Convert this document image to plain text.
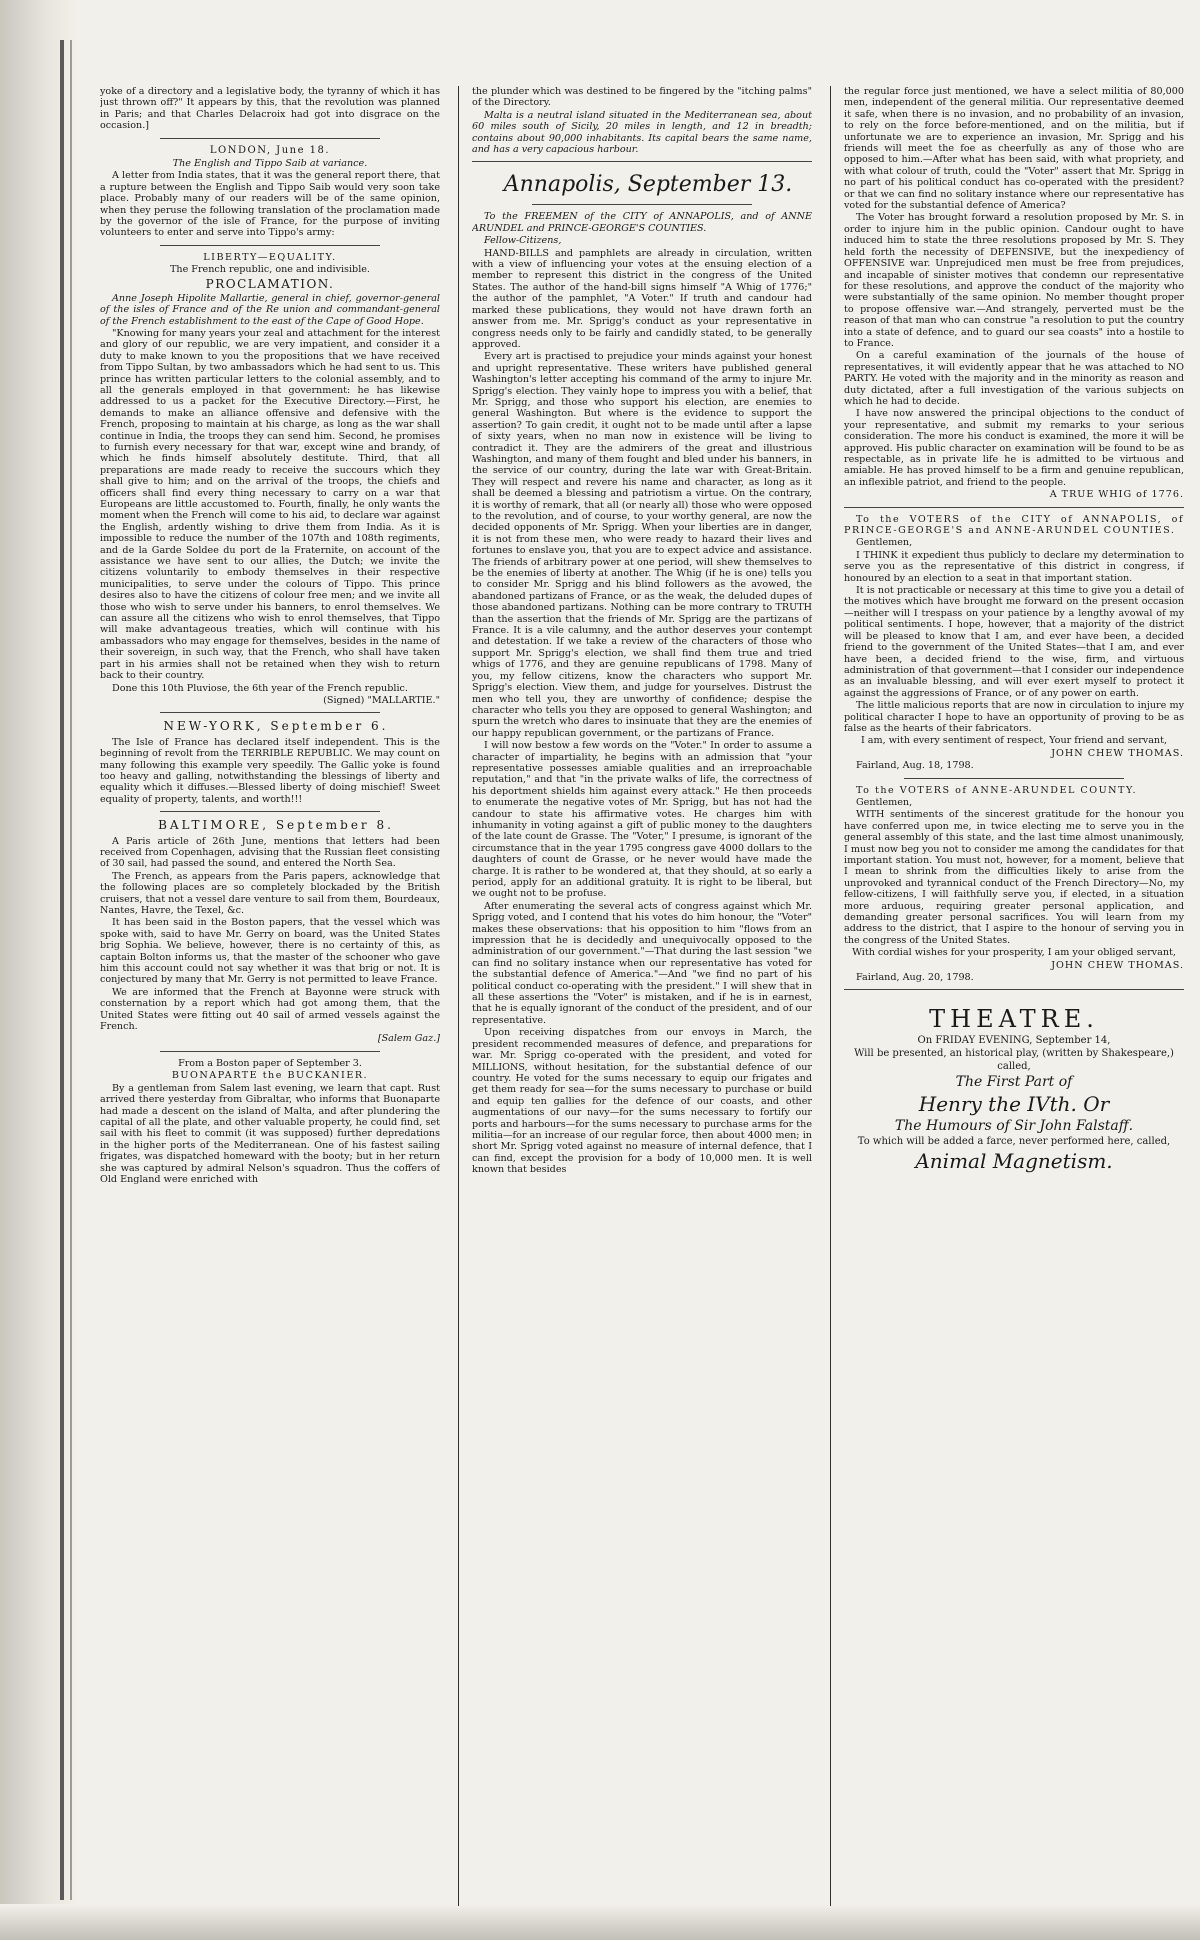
yoke of a directory and a legislative body, the tyranny of which it has just thrown off?" It appears by this, that the revolution was planned in Paris; and that Charles Delacroix had got into disgrace on the occasion.]

LONDON, June 18.

The English and Tippo Saib at variance.

A letter from India states, that it was the general report there, that a rupture between the English and Tippo Saib would very soon take place. Probably many of our readers will be of the same opinion, when they peruse the following translation of the proclamation made by the governor of the isle of France, for the purpose of inviting volunteers to enter and serve into Tippo's army:

LIBERTY—EQUALITY.

The French republic, one and indivisible.

PROCLAMATION.

Anne Joseph Hipolite Mallartie, general in chief, governor-general of the isles of France and of the Re union and commandant-general of the French establishment to the east of the Cape of Good Hope.

"Knowing for many years your zeal and attachment for the interest and glory of our republic, we are very impatient, and consider it a duty to make known to you the propositions that we have received from Tippo Sultan, by two ambassadors which he had sent to us. This prince has written particular letters to the colonial assembly, and to all the generals employed in that government: he has likewise addressed to us a packet for the Executive Directory.—First, he demands to make an alliance offensive and defensive with the French, proposing to maintain at his charge, as long as the war shall continue in India, the troops they can send him. Second, he promises to furnish every necessary for that war, except wine and brandy, of which he finds himself absolutely destitute. Third, that all preparations are made ready to receive the succours which they shall give to him; and on the arrival of the troops, the chiefs and officers shall find every thing necessary to carry on a war that Europeans are little accustomed to. Fourth, finally, he only wants the moment when the French will come to his aid, to declare war against the English, ardently wishing to drive them from India. As it is impossible to reduce the number of the 107th and 108th regiments, and de la Garde Soldee du port de la Fraternite, on account of the assistance we have sent to our allies, the Dutch; we invite the citizens voluntarily to embody themselves in their respective municipalities, to serve under the colours of Tippo. This prince desires also to have the citizens of colour free men; and we invite all those who wish to serve under his banners, to enrol themselves. We can assure all the citizens who wish to enrol themselves, that Tippo will make advantageous treaties, which will continue with his ambassadors who may engage for themselves, besides in the name of their sovereign, in such way, that the French, who shall have taken part in his armies shall not be retained when they wish to return back to their country.

Done this 10th Pluviose, the 6th year of the French republic.

(Signed) "MALLARTIE."

NEW-YORK, September 6.

The Isle of France has declared itself independent. This is the beginning of revolt from the TERRIBLE REPUBLIC. We may count on many following this example very speedily. The Gallic yoke is found too heavy and galling, notwithstanding the blessings of liberty and equality which it diffuses.—Blessed liberty of doing mischief! Sweet equality of property, talents, and worth!!!

BALTIMORE, September 8.

A Paris article of 26th June, mentions that letters had been received from Copenhagen, advising that the Russian fleet consisting of 30 sail, had passed the sound, and entered the North Sea.

The French, as appears from the Paris papers, acknowledge that the following places are so completely blockaded by the British cruisers, that not a vessel dare venture to sail from them, Bourdeaux, Nantes, Havre, the Texel, &c.

It has been said in the Boston papers, that the vessel which was spoke with, said to have Mr. Gerry on board, was the United States brig Sophia. We believe, however, there is no certainty of this, as captain Bolton informs us, that the master of the schooner who gave him this account could not say whether it was that brig or not. It is conjectured by many that Mr. Gerry is not permitted to leave France.

We are informed that the French at Bayonne were struck with consternation by a report which had got among them, that the United States were fitting out 40 sail of armed vessels against the French.

[Salem Gaz.]

From a Boston paper of September 3.

BUONAPARTE the BUCKANIER.

By a gentleman from Salem last evening, we learn that capt. Rust arrived there yesterday from Gibraltar, who informs that Buonaparte had made a descent on the island of Malta, and after plundering the capital of all the plate, and other valuable property, he could find, set sail with his fleet to commit (it was supposed) further depredations in the higher ports of the Mediterranean. One of his fastest sailing frigates, was dispatched homeward with the booty; but in her return she was captured by admiral Nelson's squadron. Thus the coffers of Old England were enriched with

the plunder which was destined to be fingered by the "itching palms" of the Directory.

Malta is a neutral island situated in the Mediterranean sea, about 60 miles south of Sicily, 20 miles in length, and 12 in breadth; contains about 90,000 inhabitants. Its capital bears the same name, and has a very capacious harbour.

Annapolis, September 13.

To the FREEMEN of the CITY of ANNAPOLIS, and of ANNE ARUNDEL and PRINCE-GEORGE'S COUNTIES.

Fellow-Citizens,

HAND-BILLS and pamphlets are already in circulation, written with a view of influencing your votes at the ensuing election of a member to represent this district in the congress of the United States. The author of the hand-bill signs himself "A Whig of 1776;" the author of the pamphlet, "A Voter." If truth and candour had marked these publications, they would not have drawn forth an answer from me. Mr. Sprigg's conduct as your representative in congress needs only to be fairly and candidly stated, to be generally approved.

Every art is practised to prejudice your minds against your honest and upright representative. These writers have published general Washington's letter accepting his command of the army to injure Mr. Sprigg's election. They vainly hope to impress you with a belief, that Mr. Sprigg, and those who support his election, are enemies to general Washington. But where is the evidence to support the assertion? To gain credit, it ought not to be made until after a lapse of sixty years, when no man now in existence will be living to contradict it. They are the admirers of the great and illustrious Washington, and many of them fought and bled under his banners, in the service of our country, during the late war with Great-Britain. They will respect and revere his name and character, as long as it shall be deemed a blessing and patriotism a virtue. On the contrary, it is worthy of remark, that all (or nearly all) those who were opposed to the revolution, and of course, to your worthy general, are now the decided opponents of Mr. Sprigg. When your liberties are in danger, it is not from these men, who were ready to hazard their lives and fortunes to enslave you, that you are to expect advice and assistance. The friends of arbitrary power at one period, will shew themselves to be the enemies of liberty at another. The Whig (if he is one) tells you to consider Mr. Sprigg and his blind followers as the avowed, the abandoned partizans of France, or as the weak, the deluded dupes of those abandoned partizans. Nothing can be more contrary to TRUTH than the assertion that the friends of Mr. Sprigg are the partizans of France. It is a vile calumny, and the author deserves your contempt and detestation. If we take a review of the characters of those who support Mr. Sprigg's election, we shall find them true and tried whigs of 1776, and they are genuine republicans of 1798. Many of you, my fellow citizens, know the characters who support Mr. Sprigg's election. View them, and judge for yourselves. Distrust the men who tell you, they are unworthy of confidence; despise the character who tells you they are opposed to general Washington; and spurn the wretch who dares to insinuate that they are the enemies of our happy republican government, or the partizans of France.

I will now bestow a few words on the "Voter." In order to assume a character of impartiality, he begins with an admission that "your representative possesses amiable qualities and an irreproachable reputation," and that "in the private walks of life, the correctness of his deportment shields him against every attack." He then proceeds to enumerate the negative votes of Mr. Sprigg, but has not had the candour to state his affirmative votes. He charges him with inhumanity in voting against a gift of public money to the daughters of the late count de Grasse. The "Voter," I presume, is ignorant of the circumstance that in the year 1795 congress gave 4000 dollars to the daughters of count de Grasse, or he never would have made the charge. It is rather to be wondered at, that they should, at so early a period, apply for an additional gratuity. It is right to be liberal, but we ought not to be profuse.

After enumerating the several acts of congress against which Mr. Sprigg voted, and I contend that his votes do him honour, the "Voter" makes these observations: that his opposition to him "flows from an impression that he is decidedly and unequivocally opposed to the administration of our government."—That during the last session "we can find no solitary instance when our representative has voted for the substantial defence of America."—And "we find no part of his political conduct co-operating with the president." I will shew that in all these assertions the "Voter" is mistaken, and if he is in earnest, that he is equally ignorant of the conduct of the president, and of our representative.

Upon receiving dispatches from our envoys in March, the president recommended measures of defence, and preparations for war. Mr. Sprigg co-operated with the president, and voted for MILLIONS, without hesitation, for the substantial defence of our country. He voted for the sums necessary to equip our frigates and get them ready for sea—for the sums necessary to purchase or build and equip ten gallies for the defence of our coasts, and other augmentations of our navy—for the sums necessary to fortify our ports and harbours—for the sums necessary to purchase arms for the militia—for an increase of our regular force, then about 4000 men; in short Mr. Sprigg voted against no measure of internal defence, that I can find, except the provision for a body of 10,000 men. It is well known that besides

the regular force just mentioned, we have a select militia of 80,000 men, independent of the general militia. Our representative deemed it safe, when there is no invasion, and no probability of an invasion, to rely on the force before-mentioned, and on the militia, but if unfortunate we are to experience an invasion, Mr. Sprigg and his friends will meet the foe as cheerfully as any of those who are opposed to him.—After what has been said, with what propriety, and with what colour of truth, could the "Voter" assert that Mr. Sprigg in no part of his political conduct has co-operated with the president? or that we can find no solitary instance where our representative has voted for the substantial defence of America?

The Voter has brought forward a resolution proposed by Mr. S. in order to injure him in the public opinion. Candour ought to have induced him to state the three resolutions proposed by Mr. S. They held forth the necessity of DEFENSIVE, but the inexpediency of OFFENSIVE war. Unprejudiced men must be free from prejudices, and incapable of sinister motives that condemn our representative for these resolutions, and approve the conduct of the majority who were substantially of the same opinion. No member thought proper to propose offensive war.—And strangely, perverted must be the reason of that man who can construe "a resolution to put the country into a state of defence, and to guard our sea coasts" into a hostile to to France.

On a careful examination of the journals of the house of representatives, it will evidently appear that he was attached to NO PARTY. He voted with the majority and in the minority as reason and duty dictated, after a full investigation of the various subjects on which he had to decide.

I have now answered the principal objections to the conduct of your representative, and submit my remarks to your serious consideration. The more his conduct is examined, the more it will be approved. His public character on examination will be found to be as respectable, as in private life he is admitted to be virtuous and amiable. He has proved himself to be a firm and genuine republican, an inflexible patriot, and friend to the people.

A TRUE WHIG of 1776.

To the VOTERS of the CITY of ANNAPOLIS, of PRINCE-GEORGE'S and ANNE-ARUNDEL COUNTIES.

Gentlemen,

I THINK it expedient thus publicly to declare my determination to serve you as the representative of this district in congress, if honoured by an election to a seat in that important station.

It is not practicable or necessary at this time to give you a detail of the motives which have brought me forward on the present occasion—neither will I trespass on your patience by a lengthy avowal of my political sentiments. I hope, however, that a majority of the district will be pleased to know that I am, and ever have been, a decided friend to the government of the United States—that I am, and ever have been, a decided friend to the wise, firm, and virtuous administration of that government—that I consider our independence as an invaluable blessing, and will ever exert myself to protect it against the aggressions of France, or of any power on earth.

The little malicious reports that are now in circulation to injure my political character I hope to have an opportunity of proving to be as false as the hearts of their fabricators.

I am, with every sentiment of respect, Your friend and servant,

JOHN CHEW THOMAS.

Fairland, Aug. 18, 1798.

To the VOTERS of ANNE-ARUNDEL COUNTY.

Gentlemen,

WITH sentiments of the sincerest gratitude for the honour you have conferred upon me, in twice electing me to serve you in the general assembly of this state, and the last time almost unanimously, I must now beg you not to consider me among the candidates for that important station. You must not, however, for a moment, believe that I mean to shrink from the difficulties likely to arise from the unprovoked and tyrannical conduct of the French Directory—No, my fellow-citizens, I will faithfully serve you, if elected, in a situation more arduous, requiring greater personal application, and demanding greater personal sacrifices. You will learn from my address to the district, that I aspire to the honour of serving you in the congress of the United States.

With cordial wishes for your prosperity, I am your obliged servant,

JOHN CHEW THOMAS.

Fairland, Aug. 20, 1798.

THEATRE.
On FRIDAY EVENING, September 14,
Will be presented, an historical play, (written by Shakespeare,) called,
The First Part of
Henry the IVth. Or
The Humours of Sir John Falstaff.
To which will be added a farce, never performed here, called,
Animal Magnetism.
